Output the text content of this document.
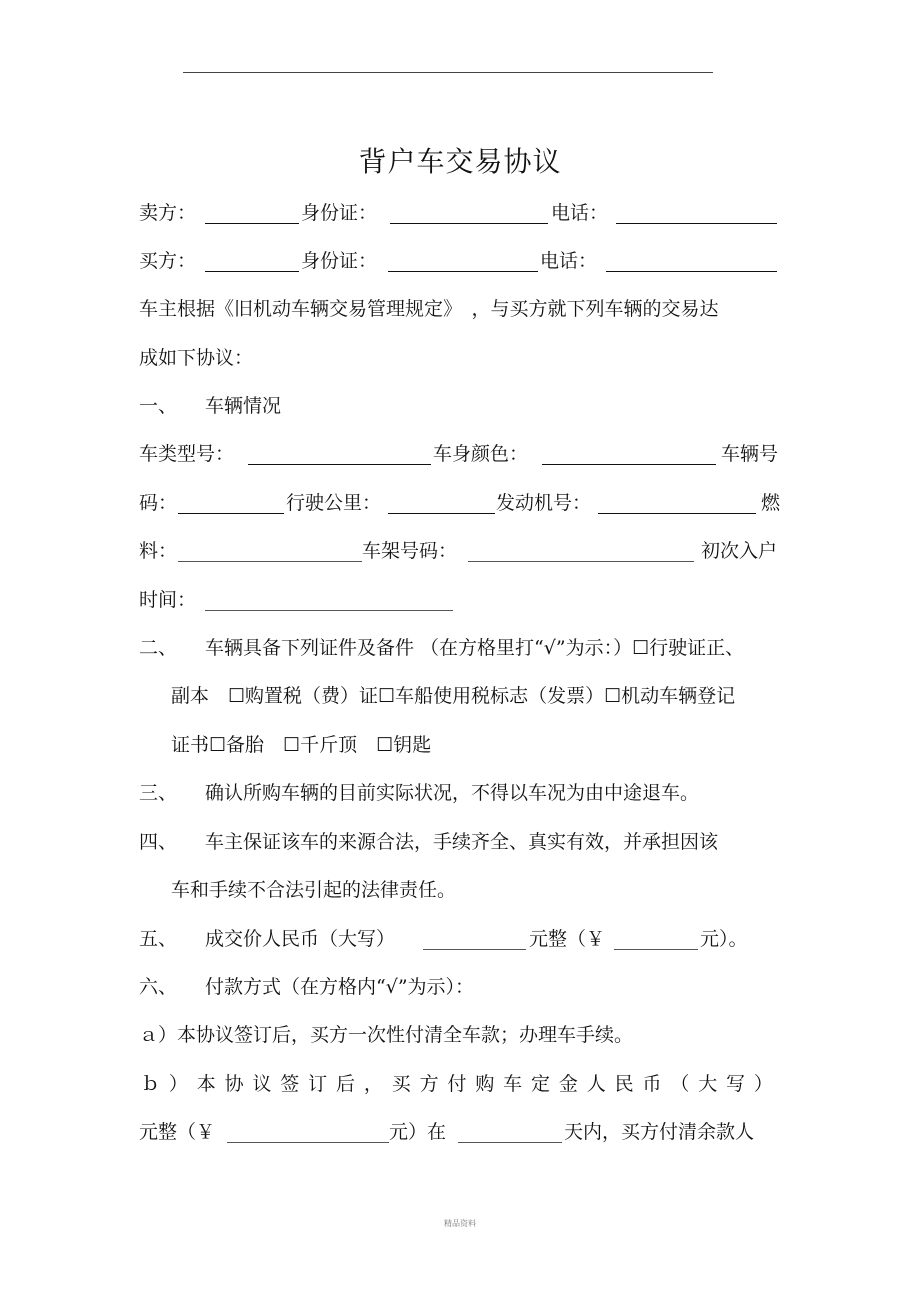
背户车交易协议
卖方：	身份证：	电话：
买方：	身份证：	电话：
车主根据《旧机动车辆交易管理规定》　，与买方就下列车辆的交易达
成如下协议：
一、 车辆情况
车类型号：	车身颜色：	车辆号
码：	行驶公里：	发动机号：	燃
料：	车架号码：	初次入户
时间：
二、 车辆具备下列证件及备件 （在方格里打“√”为示：）☐行驶证正、
副本　☐购置税（费）证☐车船使用税标志（发票）☐机动车辆登记
证书☐备胎　☐千斤顶　☐钥匙
三、 确认所购车辆的目前实际状况，不得以车况为由中途退车。
四、 车主保证该车的来源合法，手续齐全、真实有效，并承担因该
车和手续不合法引起的法律责任。
五、 成交价人民币（大写）	元整（￥	元）。
六、 付款方式（在方格内“√”为示）：
ａ）本协议签订后，买方一次性付清全车款；办理车手续。
ｂ ） 本 协 议 签 订 后 ， 买 方 付 购 车 定 金 人 民 币 （ 大 写 ）
元整（￥	元）在	天内，买方付清余款人
精品资料
